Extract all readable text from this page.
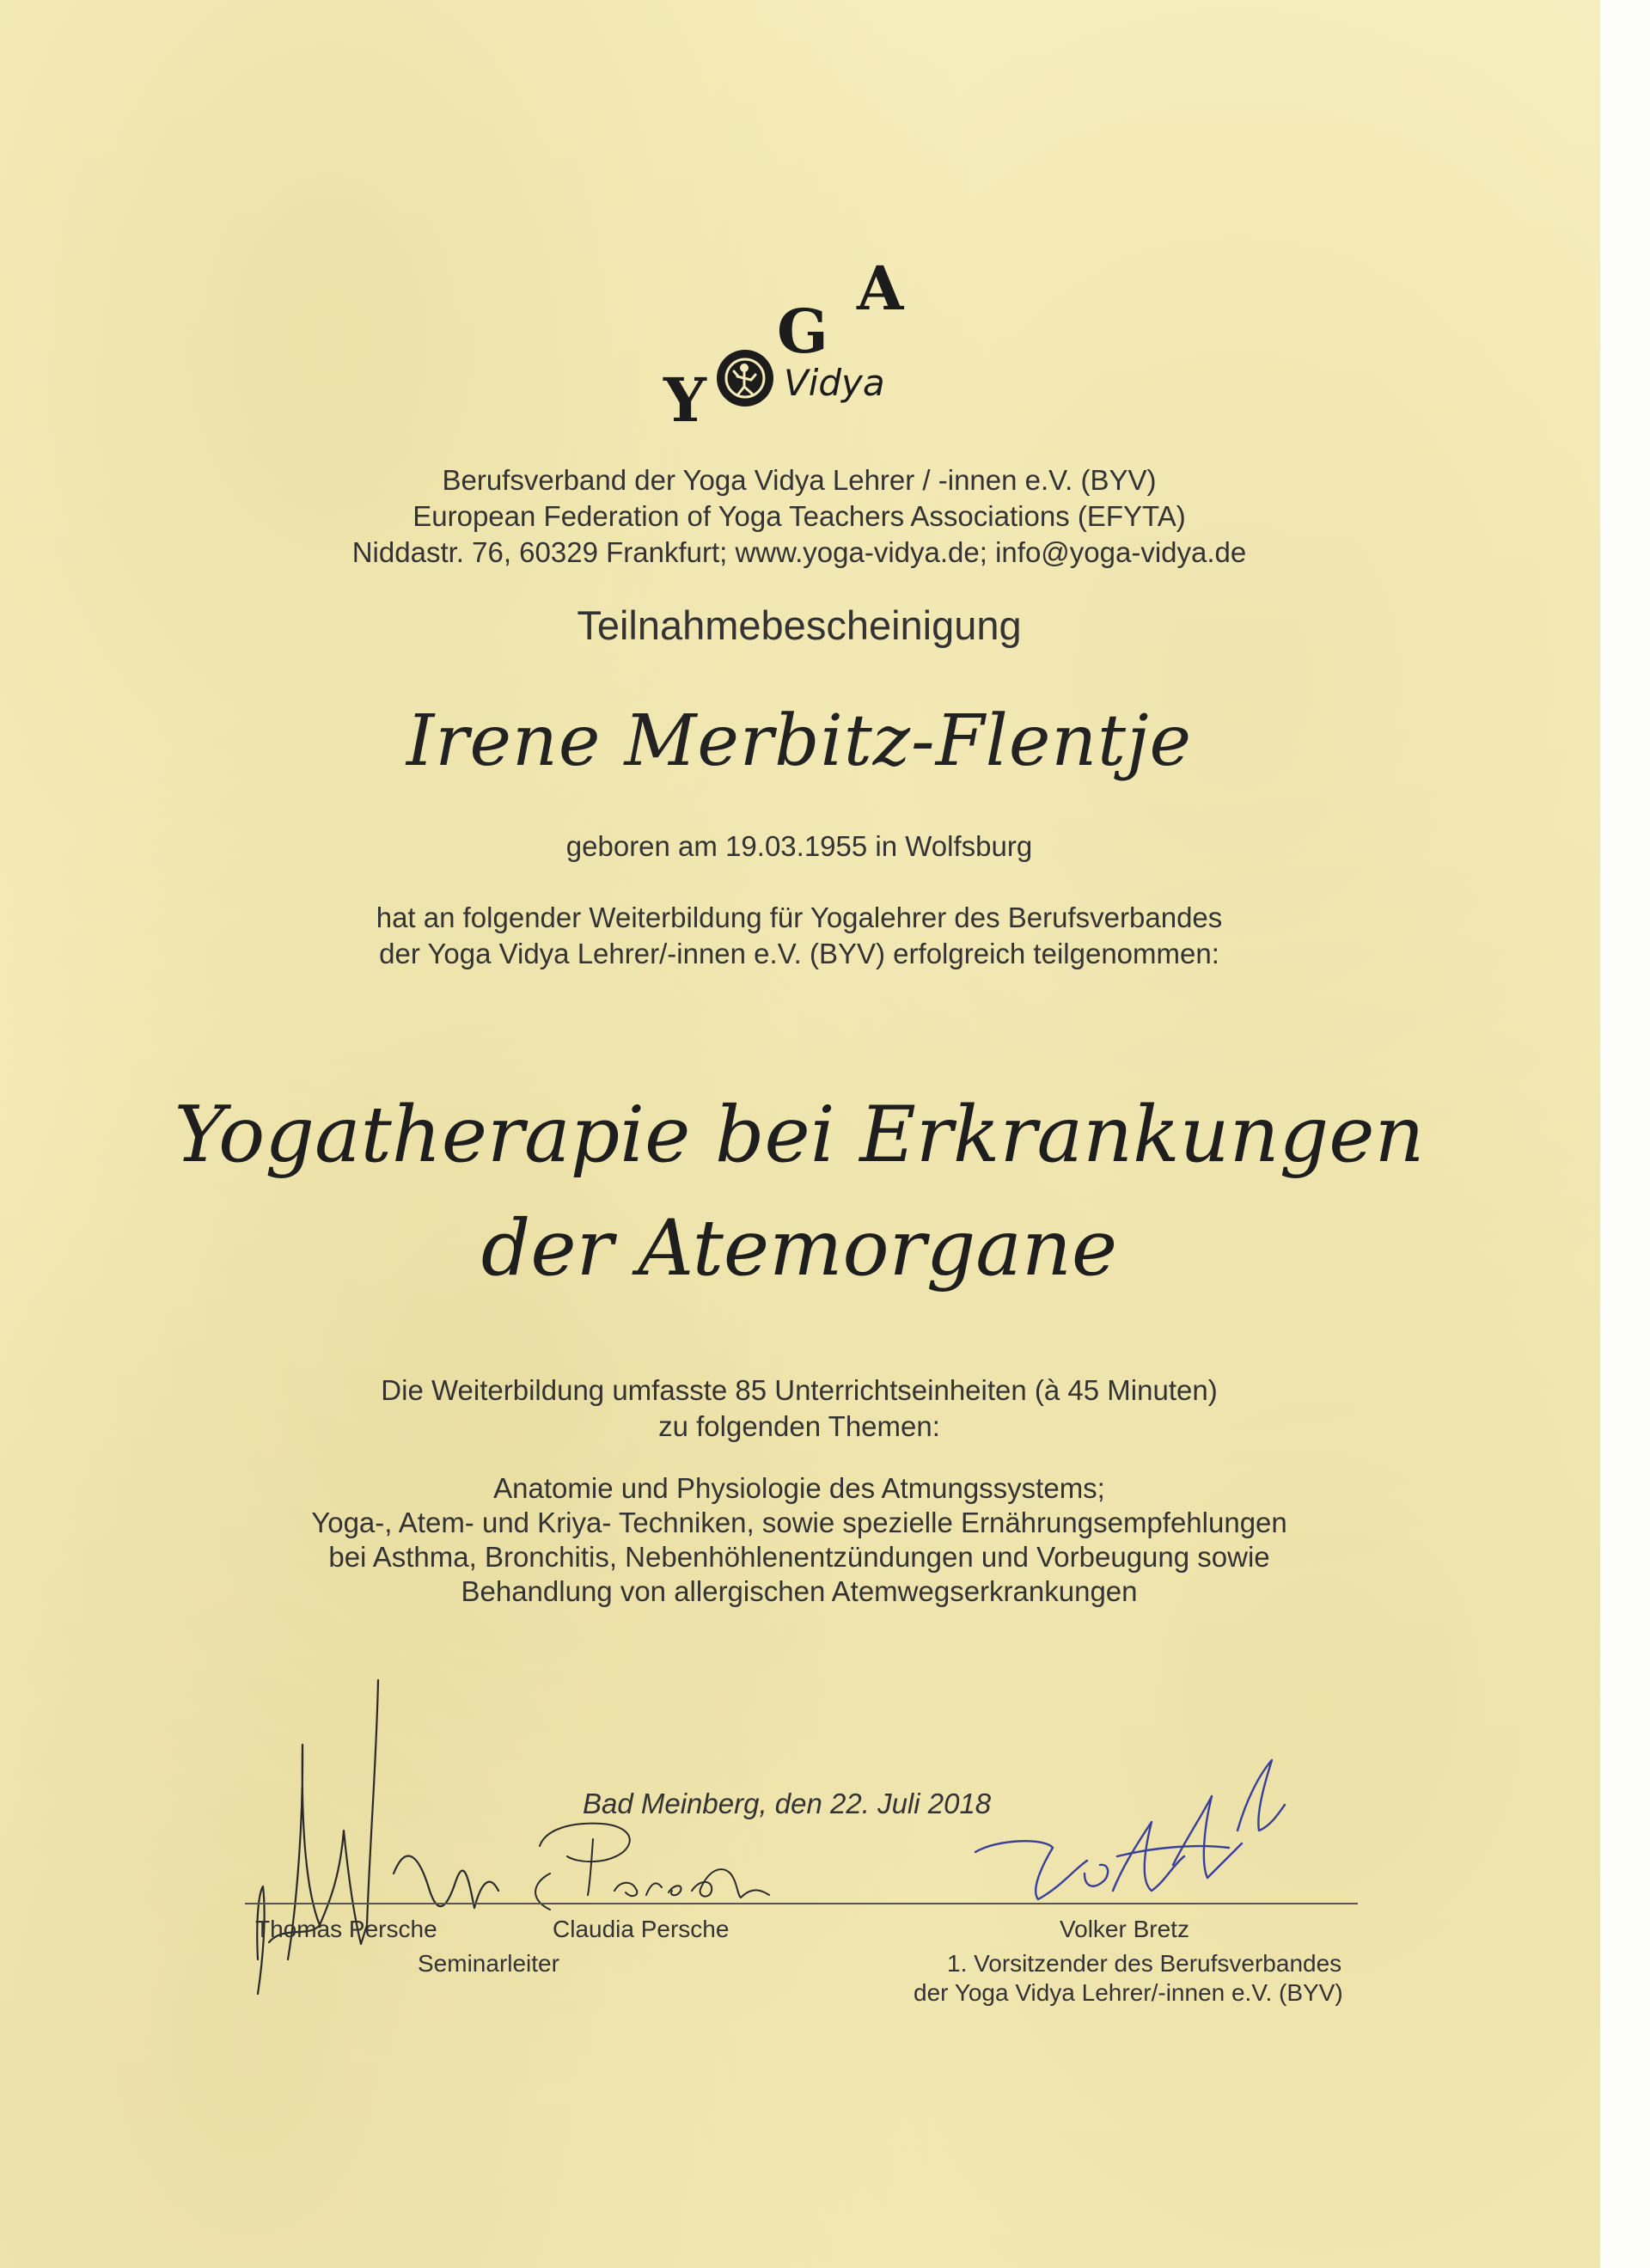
Y
G
A
Vidya
Berufsverband der Yoga Vidya Lehrer / -innen e.V. (BYV)
European Federation of Yoga Teachers Associations (EFYTA)
Niddastr. 76, 60329 Frankfurt; www.yoga-vidya.de; info@yoga-vidya.de
Teilnahmebescheinigung
Irene Merbitz-Flentje
geboren am 19.03.1955 in Wolfsburg
hat an folgender Weiterbildung für Yogalehrer des Berufsverbandes
der Yoga Vidya Lehrer/-innen e.V. (BYV) erfolgreich teilgenommen:
Yogatherapie bei Erkrankungen
der Atemorgane
Die Weiterbildung umfasste 85 Unterrichtseinheiten (à 45 Minuten)
zu folgenden Themen:
Anatomie und Physiologie des Atmungssystems;
Yoga-, Atem- und Kriya- Techniken, sowie spezielle Ernährungsempfehlungen
bei Asthma, Bronchitis, Nebenhöhlenentzündungen und Vorbeugung sowie
Behandlung von allergischen Atemwegserkrankungen
Bad Meinberg, den 22. Juli 2018
Thomas Persche	Claudia Persche
Seminarleiter
Volker Bretz
1. Vorsitzender des Berufsverbandes
der Yoga Vidya Lehrer/-innen e.V. (BYV)
